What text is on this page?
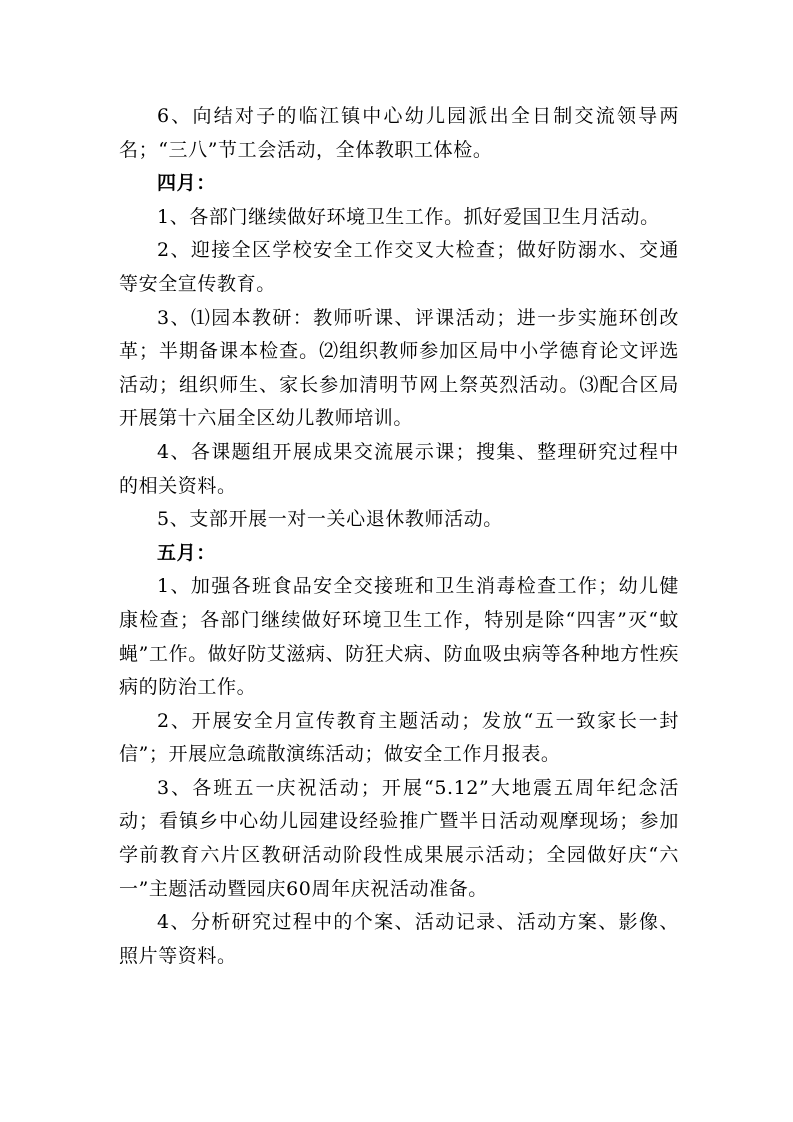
6、向结对子的临江镇中心幼儿园派出全日制交流领导两名；“三八”节工会活动，全体教职工体检。

四月：

1、各部门继续做好环境卫生工作。抓好爱国卫生月活动。

2、迎接全区学校安全工作交叉大检查；做好防溺水、交通等安全宣传教育。

3、⑴园本教研：教师听课、评课活动；进一步实施环创改革；半期备课本检查。⑵组织教师参加区局中小学德育论文评选活动；组织师生、家长参加清明节网上祭英烈活动。⑶配合区局开展第十六届全区幼儿教师培训。

4、各课题组开展成果交流展示课；搜集、整理研究过程中的相关资料。

5、支部开展一对一关心退休教师活动。

五月：

1、加强各班食品安全交接班和卫生消毒检查工作；幼儿健康检查；各部门继续做好环境卫生工作，特别是除“四害”灭“蚊蝇”工作。做好防艾滋病、防狂犬病、防血吸虫病等各种地方性疾病的防治工作。

2、开展安全月宣传教育主题活动；发放“五一致家长一封信”；开展应急疏散演练活动；做安全工作月报表。

3、各班五一庆祝活动；开展“5.12”大地震五周年纪念活动；看镇乡中心幼儿园建设经验推广暨半日活动观摩现场；参加学前教育六片区教研活动阶段性成果展示活动；全园做好庆“六一”主题活动暨园庆60周年庆祝活动准备。

4、分析研究过程中的个案、活动记录、活动方案、影像、照片等资料。
